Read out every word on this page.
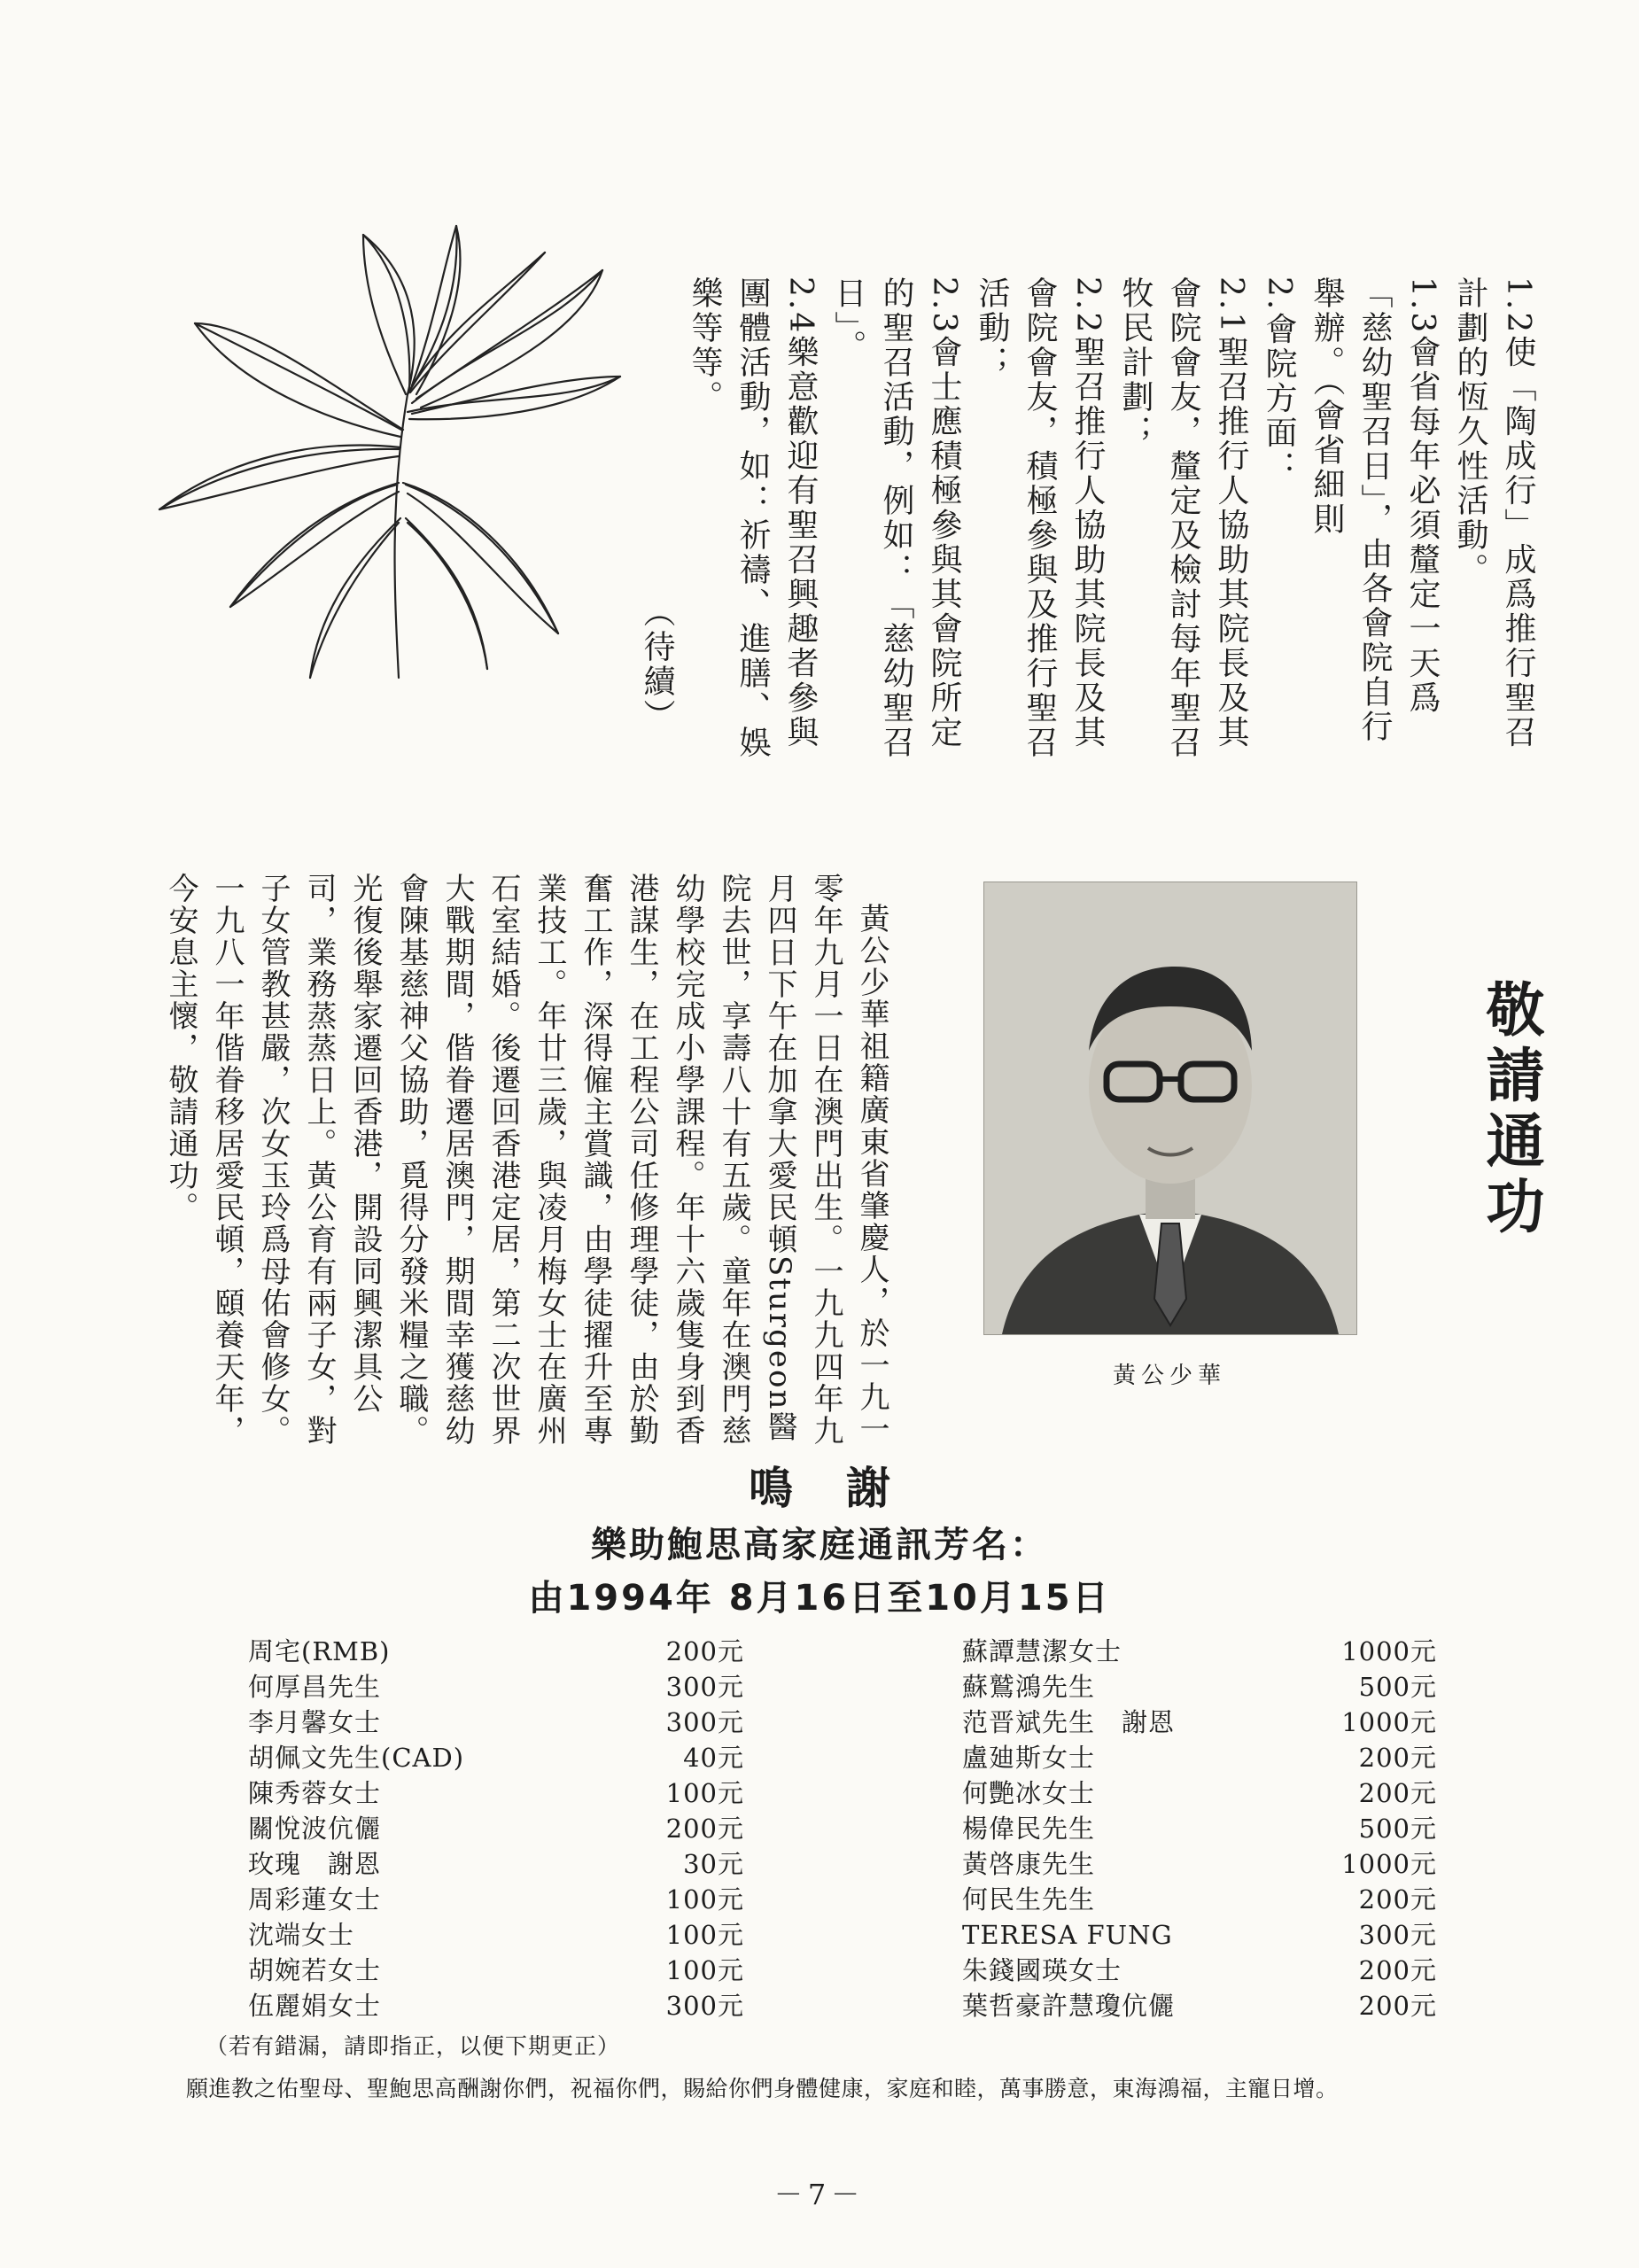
1.2使「陶成行」成爲推行聖召計劃的恆久性活動。

1.3會省每年必須釐定一天爲「慈幼聖召日」，由各會院自行舉辦。（會省細則

2.會院方面：

2.1聖召推行人協助其院長及其會院會友，釐定及檢討每年聖召牧民計劃；

2.2聖召推行人協助其院長及其會院會友，積極參與及推行聖召活動；

2.3會士應積極參與其會院所定的聖召活動，例如：「慈幼聖召日」。

2.4樂意歡迎有聖召興趣者參與團體活動，如：祈禱、進膳、娛樂等等。

（待續）

敬請通功
黃公少華

黃公少華祖籍廣東省肇慶人，於一九一零年九月一日在澳門出生。一九九四年九月四日下午在加拿大愛民頓Sturgeon醫院去世，享壽八十有五歲。童年在澳門慈幼學校完成小學課程。年十六歲隻身到香港謀生，在工程公司任修理學徒，由於勤奮工作，深得僱主賞識，由學徒擢升至專業技工。年廿三歲，與凌月梅女士在廣州石室結婚。後遷回香港定居，第二次世界大戰期間，偕眷遷居澳門，期間幸獲慈幼會陳基慈神父協助，覓得分發米糧之職。光復後舉家遷回香港，開設同興潔具公司，業務蒸蒸日上。黃公育有兩子女，對子女管教甚嚴，次女玉玲爲母佑會修女。一九八一年偕眷移居愛民頓，頤養天年，今安息主懷，敬請通功。

鳴謝
樂助鮑思高家庭通訊芳名：
由1994年 8月16日至10月15日
周宅(RMB)	200元
何厚昌先生	300元
李月馨女士	300元
胡佩文先生(CAD)	40元
陳秀蓉女士	100元
關悅波伉儷	200元
玫瑰　謝恩	30元
周彩蓮女士	100元
沈端女士	100元
胡婉若女士	100元
伍麗娟女士	300元
蘇譚慧潔女士	1000元
蘇鷲鴻先生	500元
范晋斌先生　謝恩	1000元
盧廸斯女士	200元
何艷冰女士	200元
楊偉民先生	500元
黃啓康先生	1000元
何民生先生	200元
TERESA FUNG	300元
朱錢國瑛女士	200元
葉哲豪許慧瓊伉儷	200元
（若有錯漏，請即指正，以便下期更正）
願進教之佑聖母、聖鮑思高酬謝你們，祝福你們，賜給你們身體健康，家庭和睦，萬事勝意，東海鴻福，主寵日增。
－7－
